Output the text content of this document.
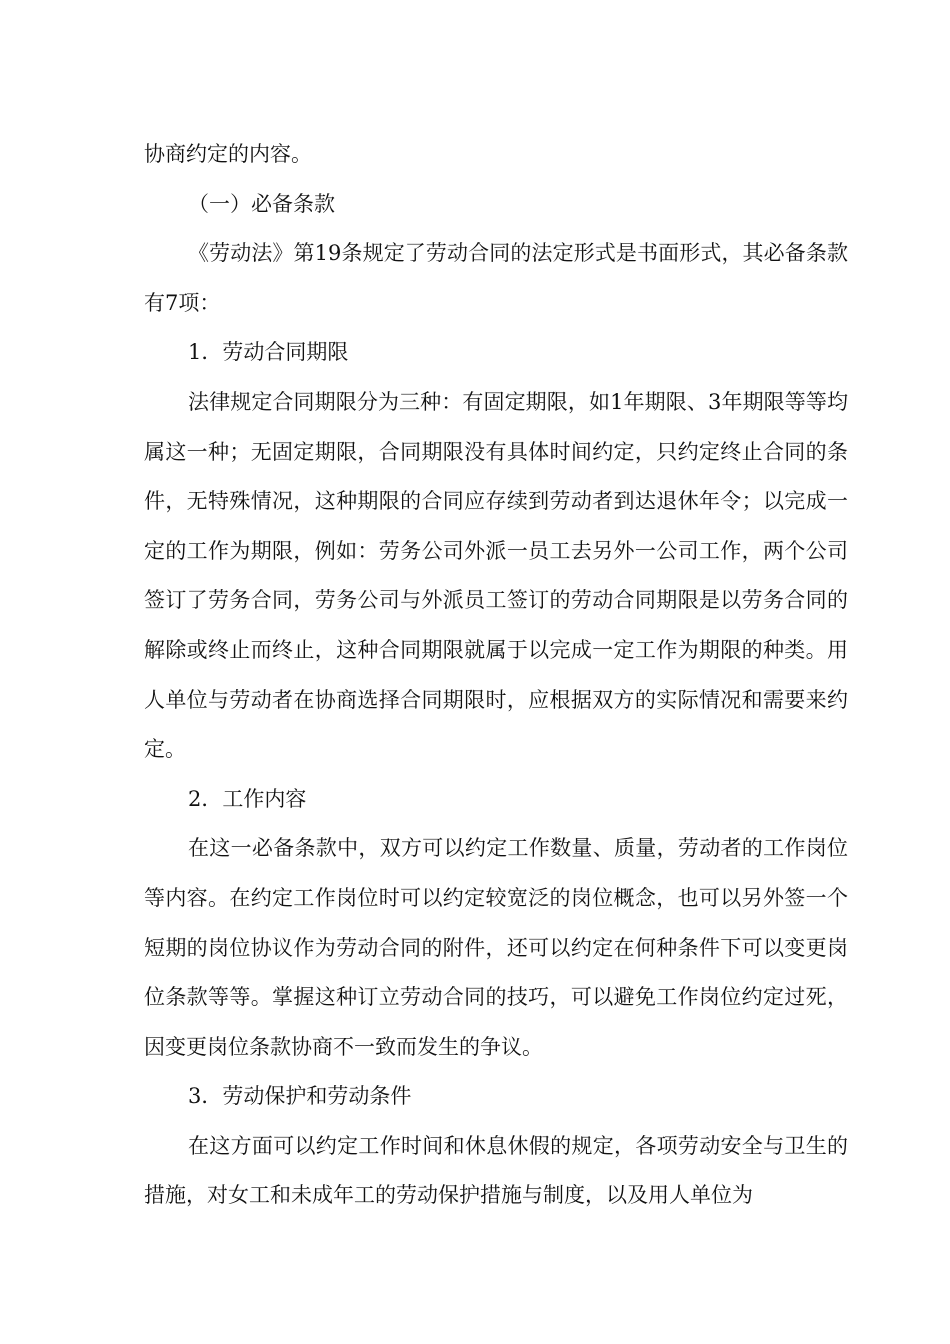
协商约定的内容。

（一）必备条款

《劳动法》第19条规定了劳动合同的法定形式是书面形式，其必备条款有7项：

1．劳动合同期限

法律规定合同期限分为三种：有固定期限，如1年期限、3年期限等等均属这一种；无固定期限，合同期限没有具体时间约定，只约定终止合同的条件，无特殊情况，这种期限的合同应存续到劳动者到达退休年令；以完成一定的工作为期限，例如：劳务公司外派一员工去另外一公司工作，两个公司签订了劳务合同，劳务公司与外派员工签订的劳动合同期限是以劳务合同的解除或终止而终止，这种合同期限就属于以完成一定工作为期限的种类。用人单位与劳动者在协商选择合同期限时，应根据双方的实际情况和需要来约定。

2．工作内容

在这一必备条款中，双方可以约定工作数量、质量，劳动者的工作岗位等内容。在约定工作岗位时可以约定较宽泛的岗位概念，也可以另外签一个短期的岗位协议作为劳动合同的附件，还可以约定在何种条件下可以变更岗位条款等等。掌握这种订立劳动合同的技巧，可以避免工作岗位约定过死，因变更岗位条款协商不一致而发生的争议。

3．劳动保护和劳动条件

在这方面可以约定工作时间和休息休假的规定，各项劳动安全与卫生的措施，对女工和未成年工的劳动保护措施与制度，以及用人单位为
